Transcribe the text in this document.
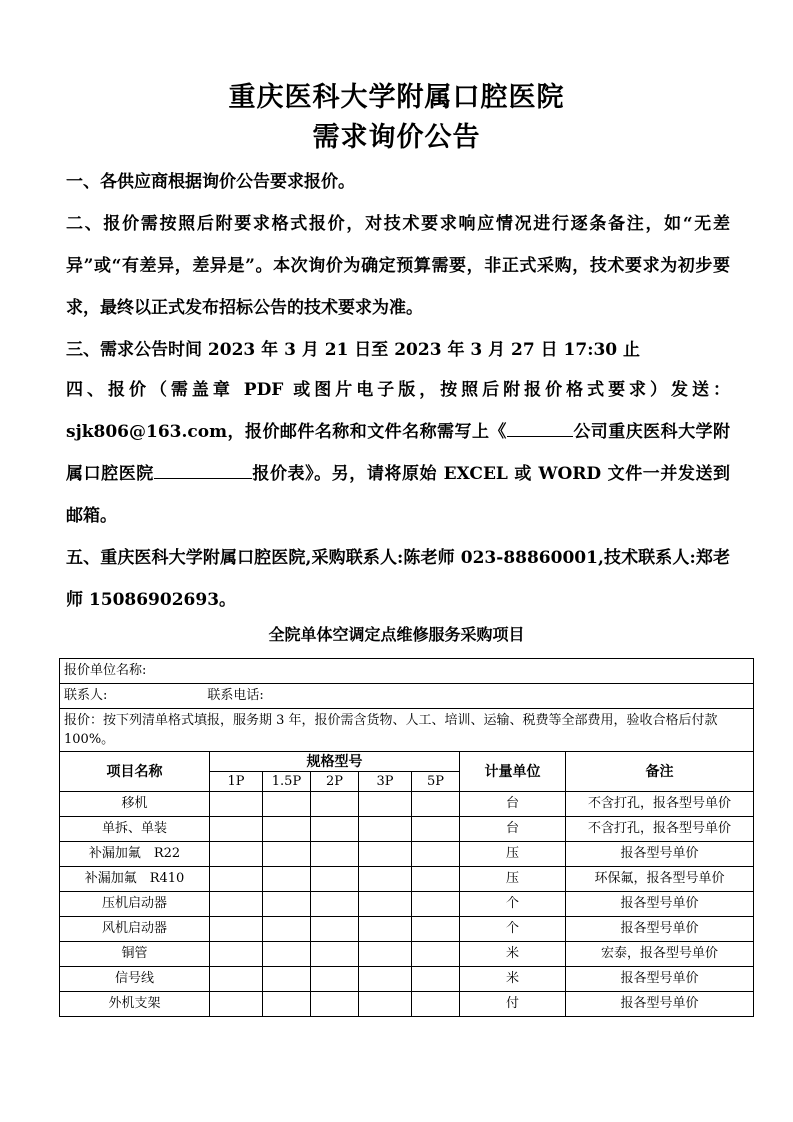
重庆医科大学附属口腔医院
需求询价公告
一、各供应商根据询价公告要求报价。
二、报价需按照后附要求格式报价，对技术要求响应情况进行逐条备注，如“无差异”或“有差异，差异是”。本次询价为确定预算需要，非正式采购，技术要求为初步要求，最终以正式发布招标公告的技术要求为准。
三、需求公告时间 2023 年 3 月 21 日至 2023 年 3 月 27 日 17:30 止
四、报价（需盖章 PDF 或图片电子版，按照后附报价格式要求）发送：sjk806@163.com，报价邮件名称和文件名称需写上《	公司重庆医科大学附属口腔医院	报价表》。另，请将原始 EXCEL 或 WORD 文件一并发送到邮箱。
五、重庆医科大学附属口腔医院,采购联系人:陈老师 023-88860001,技术联系人:郑老师 15086902693。
全院单体空调定点维修服务采购项目
报价单位名称:							
联系人: 联系电话:							
报价：按下列清单格式填报，服务期 3 年，报价需含货物、人工、培训、运输、税费等全部费用，验收合格后付款 100%。							
项目名称	规格型号					计量单位	备注
	1P	1.5P	2P	3P	5P		
移机						台	不含打孔，报各型号单价
单拆、单装						台	不含打孔，报各型号单价
补漏加氟　R22						压	报各型号单价
补漏加氟　R410						压	环保氟，报各型号单价
压机启动器						个	报各型号单价
风机启动器						个	报各型号单价
铜管						米	宏泰，报各型号单价
信号线						米	报各型号单价
外机支架						付	报各型号单价
